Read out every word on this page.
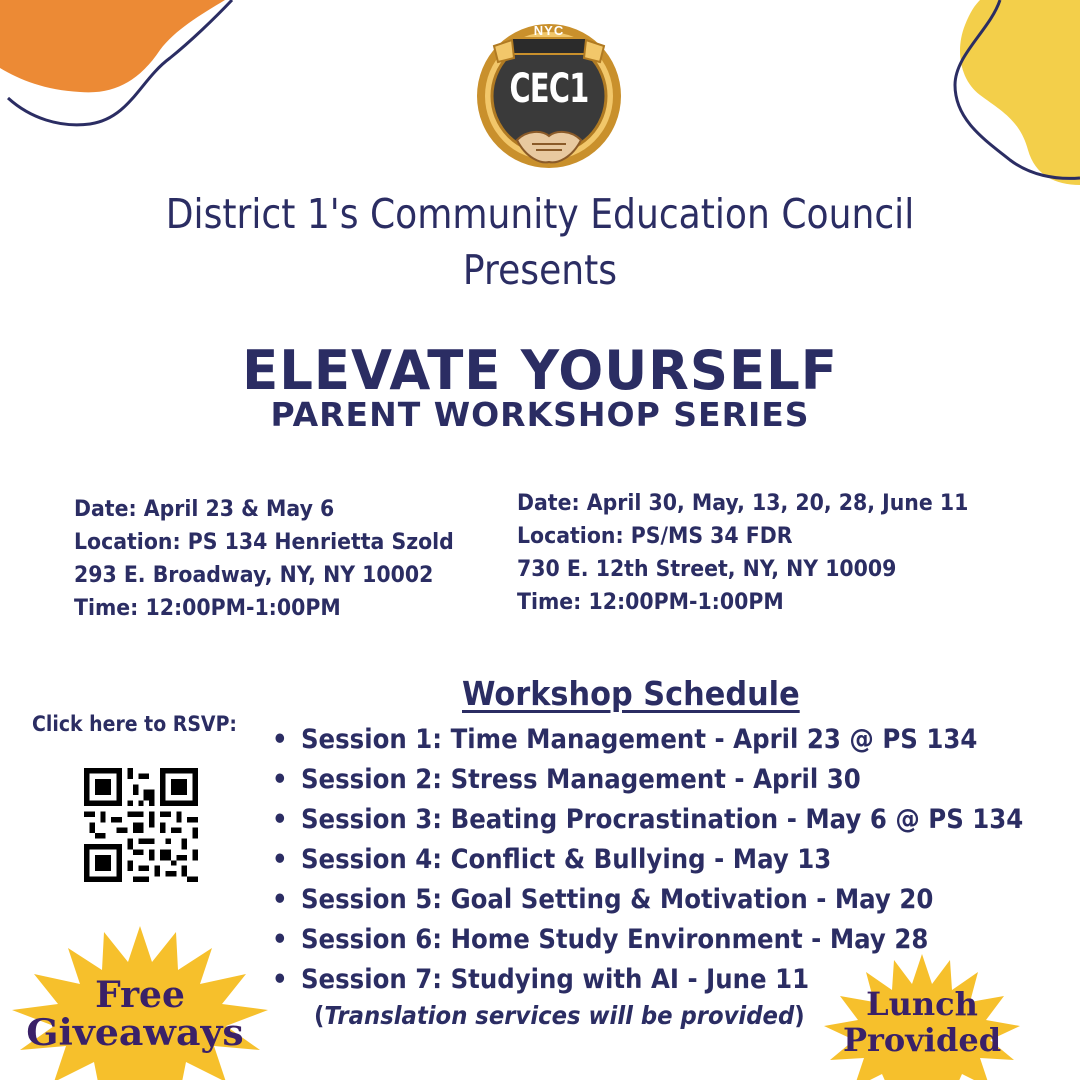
NYC
CEC1
District 1's Community Education Council
Presents
ELEVATE YOURSELF
PARENT WORKSHOP SERIES
Date: April 23 & May 6
Location: PS 134 Henrietta Szold
293 E. Broadway, NY, NY 10002
Time: 12:00PM-1:00PM
Date: April 30, May, 13, 20, 28, June 11
Location: PS/MS 34 FDR
730 E. 12th Street, NY, NY 10009
Time: 12:00PM-1:00PM
Click here to RSVP:
Workshop Schedule
• Session 1: Time Management - April 23 @ PS 134
• Session 2: Stress Management - April 30
• Session 3: Beating Procrastination - May 6 @ PS 134
• Session 4: Conflict & Bullying - May 13
• Session 5: Goal Setting & Motivation - May 20
• Session 6: Home Study Environment - May 28
• Session 7: Studying with AI - June 11
(Translation services will be provided)
Free
Giveaways
Lunch
Provided
